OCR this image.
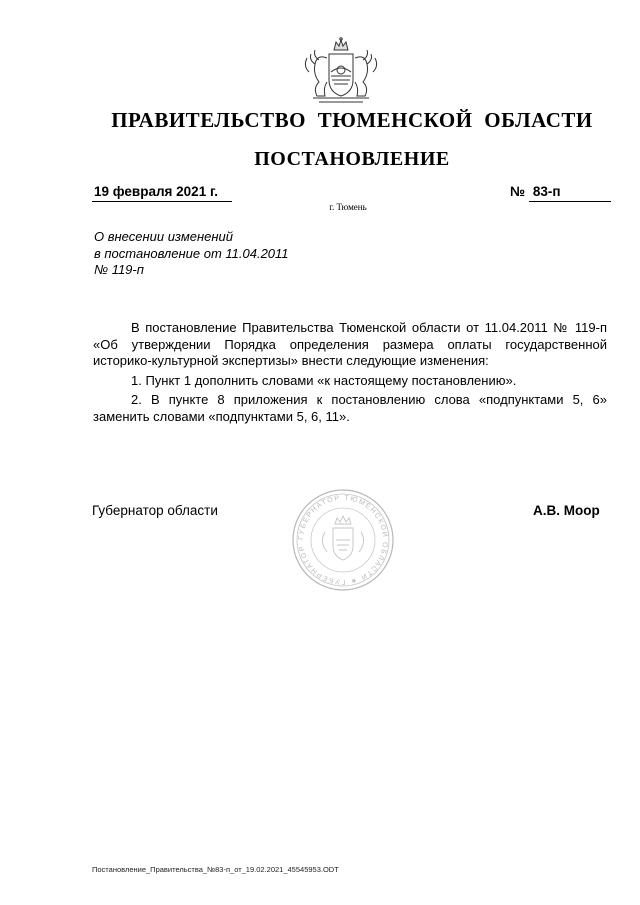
ПРАВИТЕЛЬСТВО ТЮМЕНСКОЙ ОБЛАСТИ
ПОСТАНОВЛЕНИЕ
19 февраля 2021 г.	№ 83-п
г. Тюмень
О внесении изменений
в постановление от 11.04.2011
№ 119-п

В постановление Правительства Тюменской области от 11.04.2011 № 119-п «Об утверждении Порядка определения размера оплаты государственной историко-культурной экспертизы» внести следующие изменения:

1. Пункт 1 дополнить словами «к настоящему постановлению».

2. В пункте 8 приложения к постановлению слова «подпунктами 5, 6» заменить словами «подпунктами 5, 6, 11».

Губернатор области
ГУБЕРНАТОР ТЮМЕНСКОЙ ОБЛАСТИ ★ ГУБЕРНАТОР
А.В. Моор
Постановление_Правительства_№83-п_от_19.02.2021_45545953.ODT
